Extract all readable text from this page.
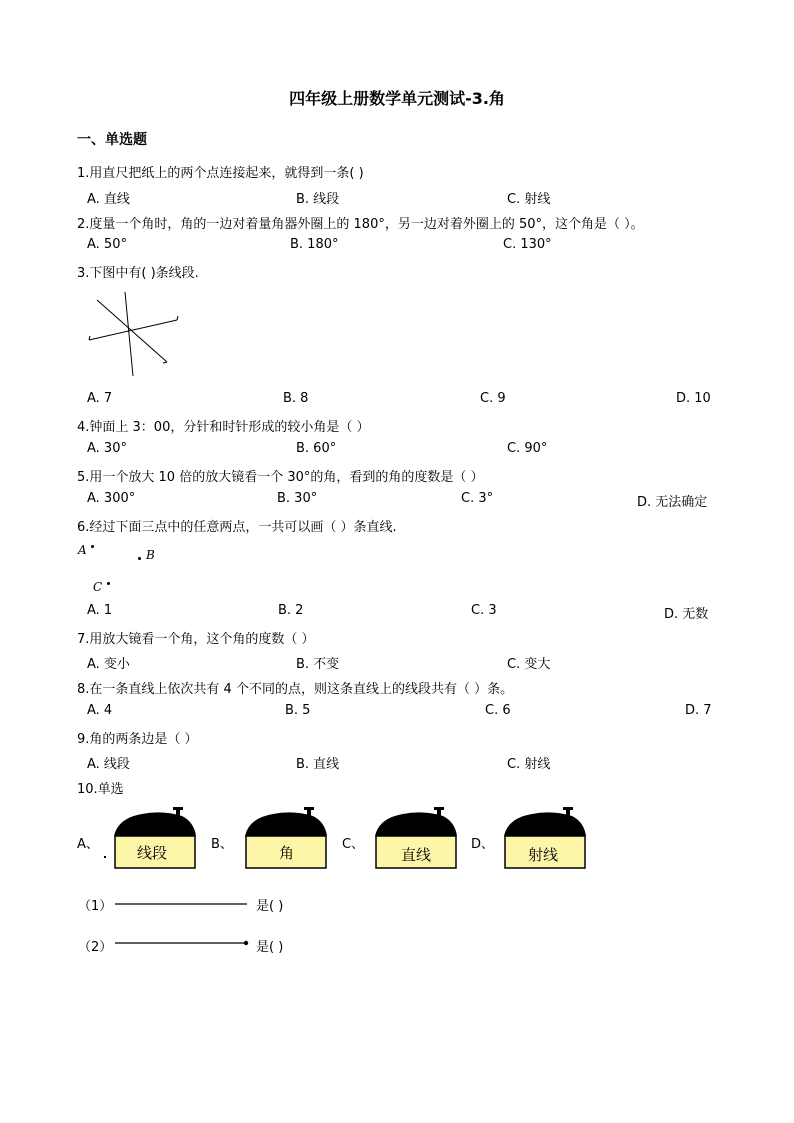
四年级上册数学单元测试-3.角
一、单选题
1.用直尺把纸上的两个点连接起来，就得到一条( )
A. 直线	B. 线段	C. 射线
2.度量一个角时，角的一边对着量角器外圈上的 180°，另一边对着外圈上的 50°，这个角是（ ）。
A. 50°	B. 180°	C. 130°
3.下图中有( )条线段.
A. 7	B. 8	C. 9	D. 10
4.钟面上 3：00，分针和时针形成的较小角是（ ）
A. 30°	B. 60°	C. 90°
5.用一个放大 10 倍的放大镜看一个 30°的角，看到的角的度数是（ ）
A. 300°	B. 30°	C. 3°	D. 无法确定
6.经过下面三点中的任意两点，一共可以画（ ）条直线.
A	B
C
A. 1	B. 2	C. 3	D. 无数
7.用放大镜看一个角，这个角的度数（ ）
A. 变小	B. 不变	C. 变大
8.在一条直线上依次共有 4 个不同的点，则这条直线上的线段共有（ ）条。
A. 4	B. 5	C. 6	D. 7
9.角的两条边是（ ）
A. 线段	B. 直线	C. 射线
10.单选
A、	B、	C、	D、
线段	角	直线	射线
（1）	是( )
（2）	是( )
